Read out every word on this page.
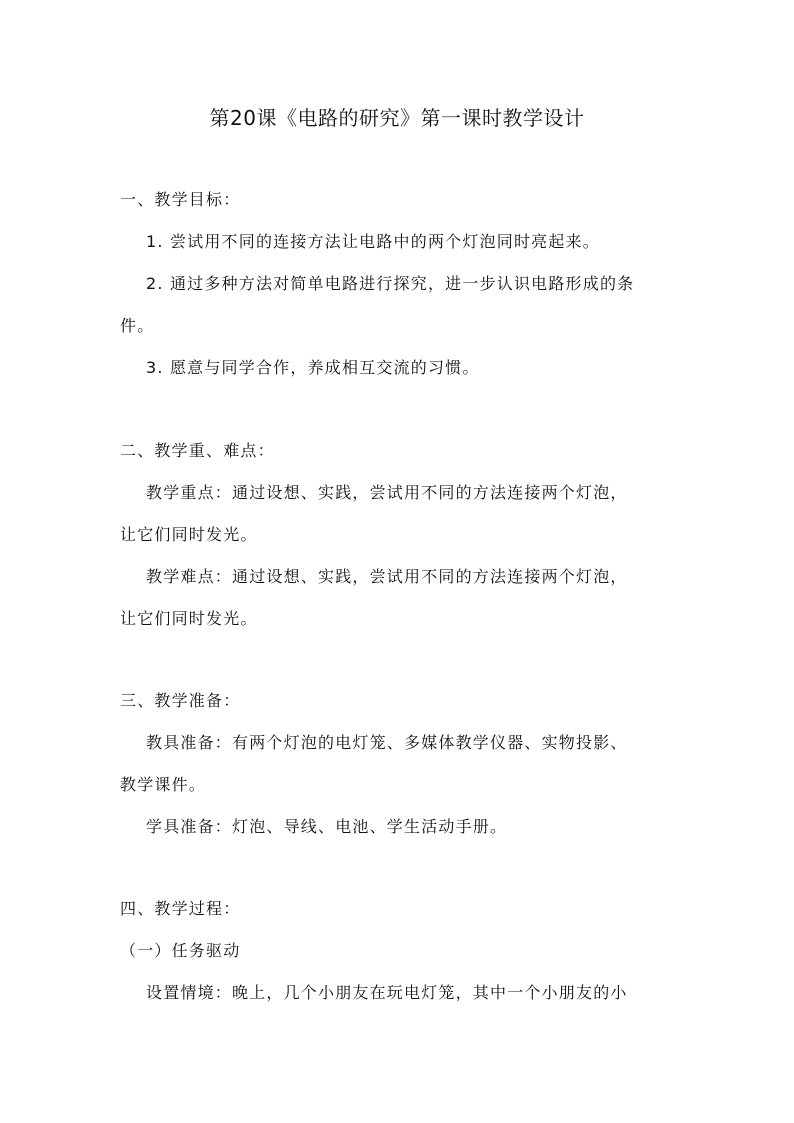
第20课《电路的研究》第一课时教学设计
一、教学目标：
1. 尝试用不同的连接方法让电路中的两个灯泡同时亮起来。
2. 通过多种方法对简单电路进行探究，进一步认识电路形成的条
件。
3. 愿意与同学合作，养成相互交流的习惯。
二、教学重、难点：
教学重点：通过设想、实践，尝试用不同的方法连接两个灯泡，
让它们同时发光。
教学难点：通过设想、实践，尝试用不同的方法连接两个灯泡，
让它们同时发光。
三、教学准备：
教具准备：有两个灯泡的电灯笼、多媒体教学仪器、实物投影、
教学课件。
学具准备：灯泡、导线、电池、学生活动手册。
四、教学过程：
（一）任务驱动
设置情境：晚上，几个小朋友在玩电灯笼，其中一个小朋友的小
